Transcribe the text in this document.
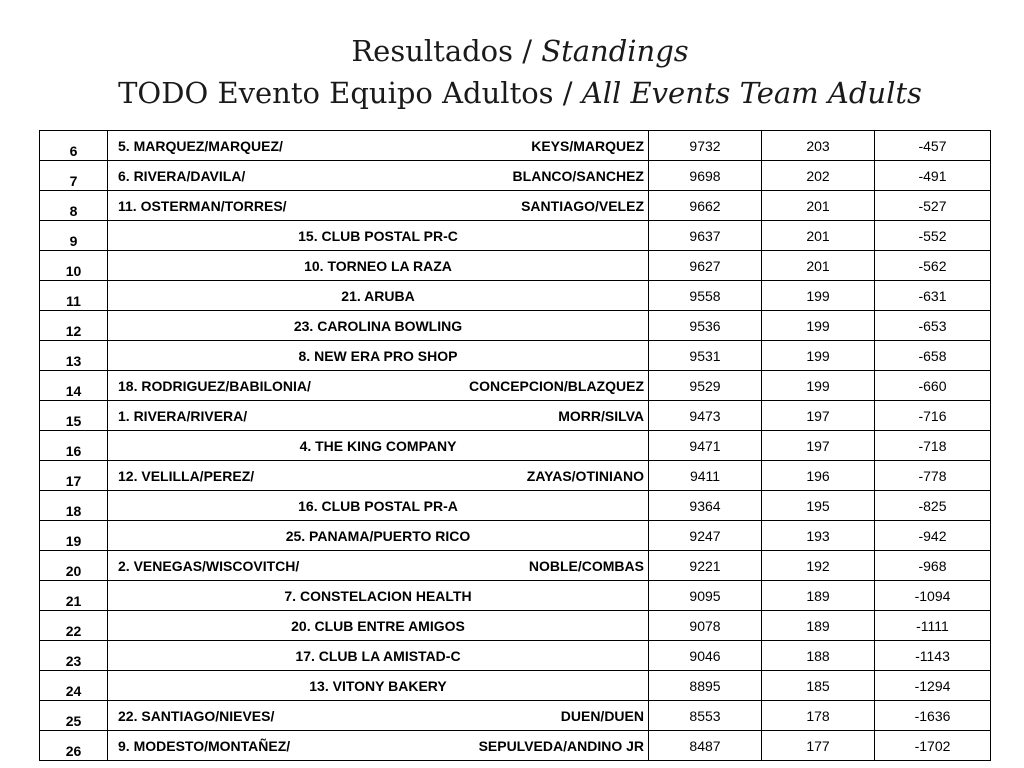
Resultados / Standings
TODO Evento Equipo Adultos / All Events Team Adults
6	5. MARQUEZ/MARQUEZ/ KEYS/MARQUEZ	9732	203	-457
7	6. RIVERA/DAVILA/ BLANCO/SANCHEZ	9698	202	-491
8	11. OSTERMAN/TORRES/ SANTIAGO/VELEZ	9662	201	-527
9	15. CLUB POSTAL PR-C	9637	201	-552
10	10. TORNEO LA RAZA	9627	201	-562
11	21. ARUBA	9558	199	-631
12	23. CAROLINA BOWLING	9536	199	-653
13	8. NEW ERA PRO SHOP	9531	199	-658
14	18. RODRIGUEZ/BABILONIA/ CONCEPCION/BLAZQUEZ	9529	199	-660
15	1. RIVERA/RIVERA/ MORR/SILVA	9473	197	-716
16	4. THE KING COMPANY	9471	197	-718
17	12. VELILLA/PEREZ/ ZAYAS/OTINIANO	9411	196	-778
18	16. CLUB POSTAL PR-A	9364	195	-825
19	25. PANAMA/PUERTO RICO	9247	193	-942
20	2. VENEGAS/WISCOVITCH/ NOBLE/COMBAS	9221	192	-968
21	7. CONSTELACION HEALTH	9095	189	-1094
22	20. CLUB ENTRE AMIGOS	9078	189	-1111
23	17. CLUB LA AMISTAD-C	9046	188	-1143
24	13. VITONY BAKERY	8895	185	-1294
25	22. SANTIAGO/NIEVES/ DUEN/DUEN	8553	178	-1636
26	9. MODESTO/MONTAÑEZ/ SEPULVEDA/ANDINO JR	8487	177	-1702
